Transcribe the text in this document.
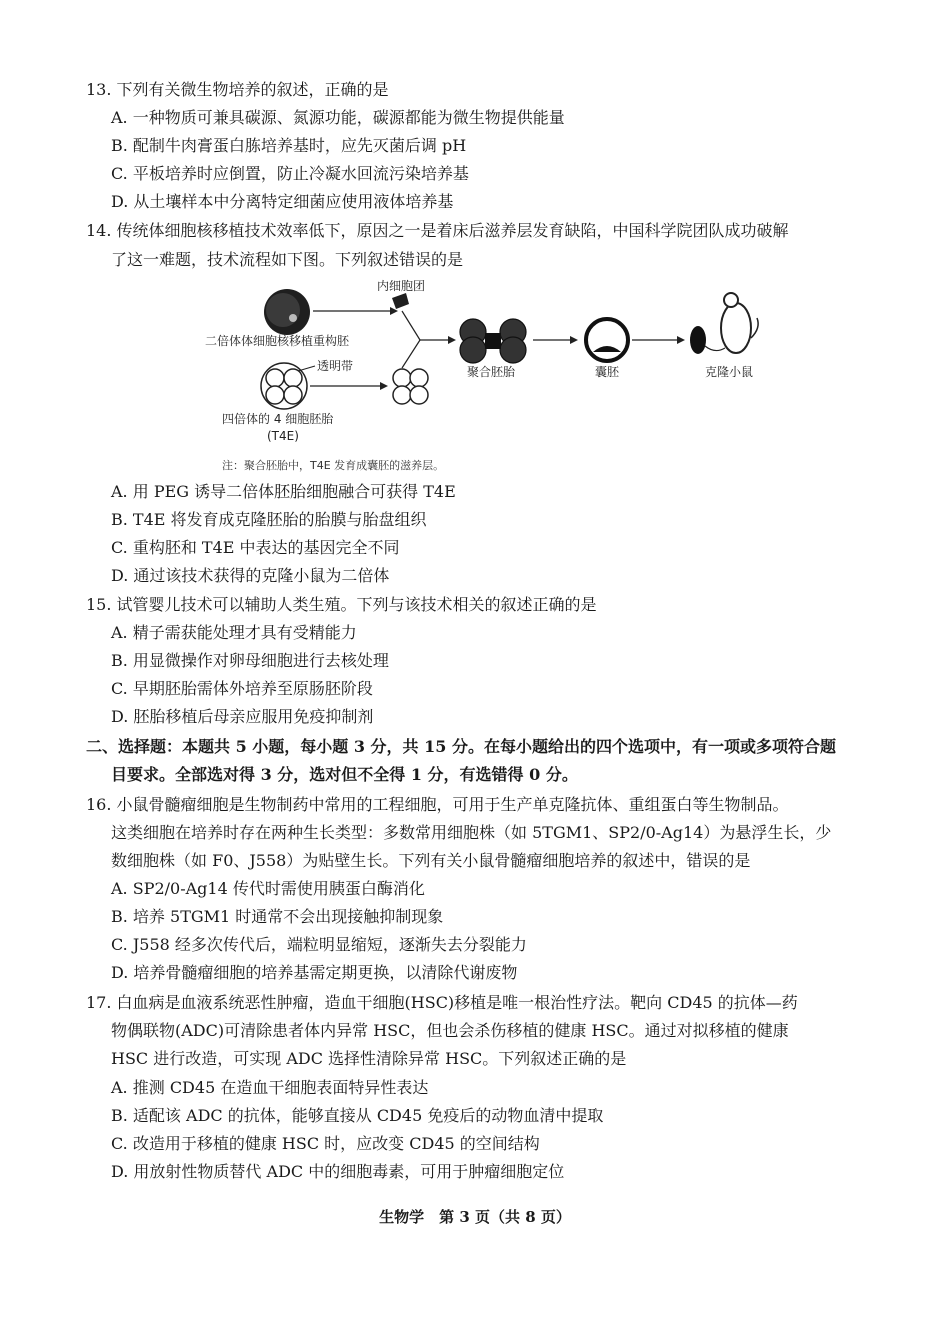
13. 下列有关微生物培养的叙述，正确的是
A. 一种物质可兼具碳源、氮源功能，碳源都能为微生物提供能量
B. 配制牛肉膏蛋白胨培养基时，应先灭菌后调 pH
C. 平板培养时应倒置，防止冷凝水回流污染培养基
D. 从土壤样本中分离特定细菌应使用液体培养基
14. 传统体细胞核移植技术效率低下，原因之一是着床后滋养层发育缺陷，中国科学院团队成功破解
了这一难题，技术流程如下图。下列叙述错误的是
内细胞团
二倍体体细胞核移植重构胚
透明带
四倍体的 4 细胞胚胎
(T4E)
聚合胚胎	囊胚	克隆小鼠
注：聚合胚胎中，T4E 发育成囊胚的滋养层。
A. 用 PEG 诱导二倍体胚胎细胞融合可获得 T4E
B. T4E 将发育成克隆胚胎的胎膜与胎盘组织
C. 重构胚和 T4E 中表达的基因完全不同
D. 通过该技术获得的克隆小鼠为二倍体
15. 试管婴儿技术可以辅助人类生殖。下列与该技术相关的叙述正确的是
A. 精子需获能处理才具有受精能力
B. 用显微操作对卵母细胞进行去核处理
C. 早期胚胎需体外培养至原肠胚阶段
D. 胚胎移植后母亲应服用免疫抑制剂
二、选择题：本题共 5 小题，每小题 3 分，共 15 分。在每小题给出的四个选项中，有一项或多项符合题
目要求。全部选对得 3 分，选对但不全得 1 分，有选错得 0 分。
16. 小鼠骨髓瘤细胞是生物制药中常用的工程细胞，可用于生产单克隆抗体、重组蛋白等生物制品。
这类细胞在培养时存在两种生长类型：多数常用细胞株（如 5TGM1、SP2/0-Ag14）为悬浮生长，少
数细胞株（如 F0、J558）为贴壁生长。下列有关小鼠骨髓瘤细胞培养的叙述中，错误的是
A. SP2/0-Ag14 传代时需使用胰蛋白酶消化
B. 培养 5TGM1 时通常不会出现接触抑制现象
C. J558 经多次传代后，端粒明显缩短，逐渐失去分裂能力
D. 培养骨髓瘤细胞的培养基需定期更换，以清除代谢废物
17. 白血病是血液系统恶性肿瘤，造血干细胞(HSC)移植是唯一根治性疗法。靶向 CD45 的抗体—药
物偶联物(ADC)可清除患者体内异常 HSC，但也会杀伤移植的健康 HSC。通过对拟移植的健康
HSC 进行改造，可实现 ADC 选择性清除异常 HSC。下列叙述正确的是
A. 推测 CD45 在造血干细胞表面特异性表达
B. 适配该 ADC 的抗体，能够直接从 CD45 免疫后的动物血清中提取
C. 改造用于移植的健康 HSC 时，应改变 CD45 的空间结构
D. 用放射性物质替代 ADC 中的细胞毒素，可用于肿瘤细胞定位
生物学　第 3 页（共 8 页）
